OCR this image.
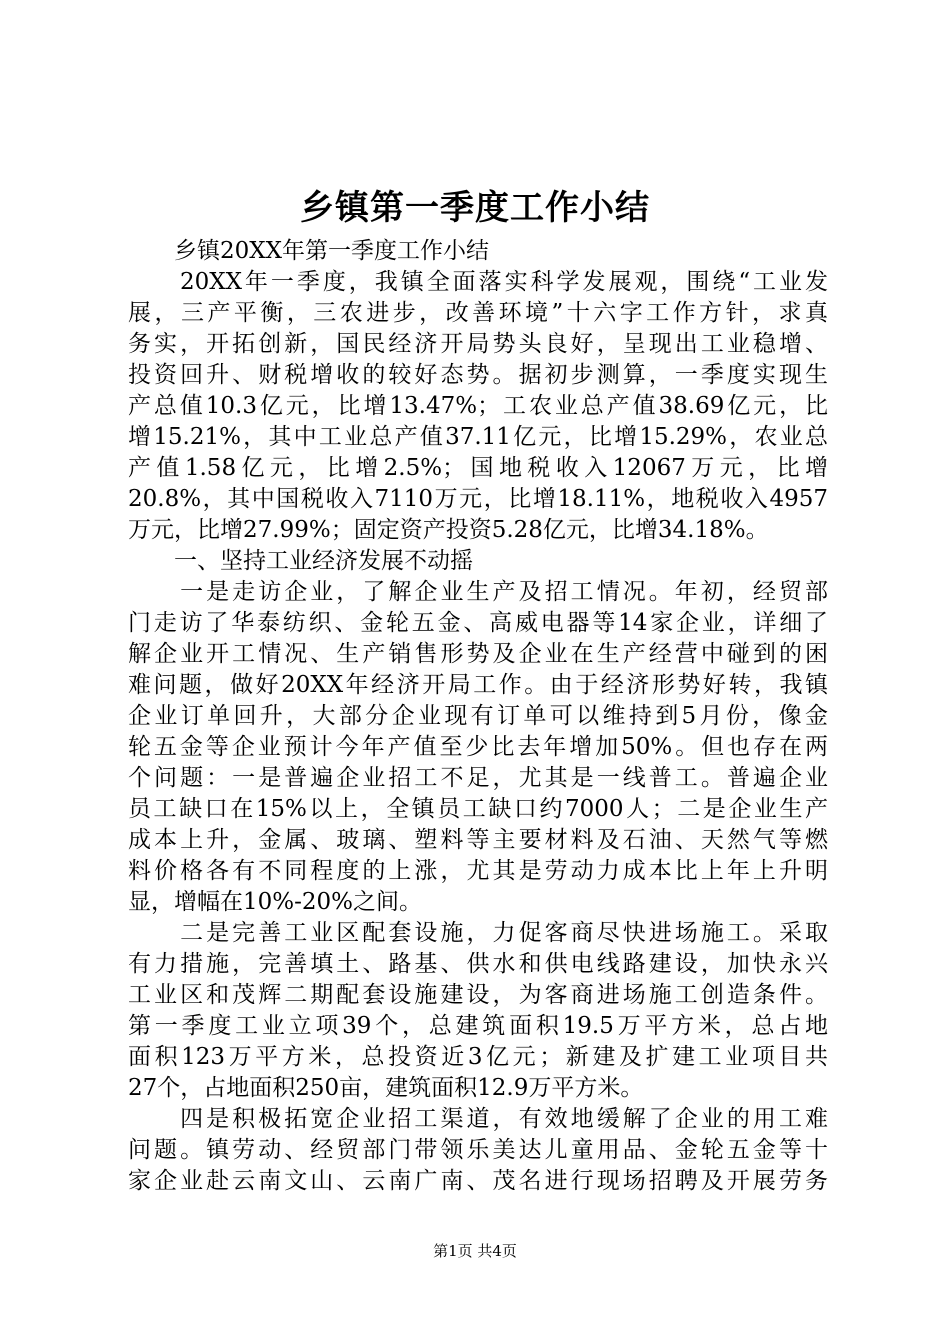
乡镇第一季度工作小结
　　乡镇20XX年第一季度工作小结
　　20XX年一季度，我镇全面落实科学发展观，围绕“工业发
展，三产平衡，三农进步，改善环境”十六字工作方针，求真
务实，开拓创新，国民经济开局势头良好，呈现出工业稳增、
投资回升、财税增收的较好态势。据初步测算，一季度实现生
产总值10.3亿元，比增13.47%；工农业总产值38.69亿元，比
增15.21%，其中工业总产值37.11亿元，比增15.29%，农业总
产值1.58亿元，比增2.5%；国地税收入12067万元，比增
20.8%，其中国税收入7110万元，比增18.11%，地税收入4957
万元，比增27.99%；固定资产投资5.28亿元，比增34.18%。
　　一、坚持工业经济发展不动摇
　　一是走访企业，了解企业生产及招工情况。年初，经贸部
门走访了华泰纺织、金轮五金、高威电器等14家企业，详细了
解企业开工情况、生产销售形势及企业在生产经营中碰到的困
难问题，做好20XX年经济开局工作。由于经济形势好转，我镇
企业订单回升，大部分企业现有订单可以维持到5月份，像金
轮五金等企业预计今年产值至少比去年增加50%。但也存在两
个问题：一是普遍企业招工不足，尤其是一线普工。普遍企业
员工缺口在15%以上，全镇员工缺口约7000人；二是企业生产
成本上升，金属、玻璃、塑料等主要材料及石油、天然气等燃
料价格各有不同程度的上涨，尤其是劳动力成本比上年上升明
显，增幅在10%-20%之间。
　　二是完善工业区配套设施，力促客商尽快进场施工。采取
有力措施，完善填土、路基、供水和供电线路建设，加快永兴
工业区和茂辉二期配套设施建设，为客商进场施工创造条件。
第一季度工业立项39个，总建筑面积19.5万平方米，总占地
面积123万平方米，总投资近3亿元；新建及扩建工业项目共
27个，占地面积250亩，建筑面积12.9万平方米。
　　四是积极拓宽企业招工渠道，有效地缓解了企业的用工难
问题。镇劳动、经贸部门带领乐美达儿童用品、金轮五金等十
家企业赴云南文山、云南广南、茂名进行现场招聘及开展劳务
第1页 共4页
